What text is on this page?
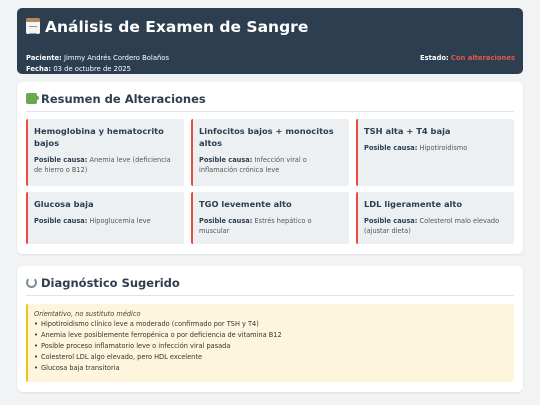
Análisis de Examen de Sangre
Paciente: Jimmy Andrés Cordero Bolaños
Fecha: 03 de octubre de 2025
Estado: Con alteraciones
Resumen de Alteraciones
Hemoglobina y hematocrito bajos
Posible causa: Anemia leve (deficiencia de hierro o B12)
Linfocitos bajos + monocitos altos
Posible causa: Infección viral o inflamación crónica leve
TSH alta + T4 baja
Posible causa: Hipotiroidismo
Glucosa baja
Posible causa: Hipoglucemia leve
TGO levemente alto
Posible causa: Estrés hepático o muscular
LDL ligeramente alto
Posible causa: Colesterol malo elevado (ajustar dieta)
Diagnóstico Sugerido
Orientativo, no sustituto médico
• Hipotiroidismo clínico leve a moderado (confirmado por TSH y T4)
• Anemia leve posiblemente ferropénica o por deficiencia de vitamina B12
• Posible proceso inflamatorio leve o infección viral pasada
• Colesterol LDL algo elevado, pero HDL excelente
• Glucosa baja transitoria
